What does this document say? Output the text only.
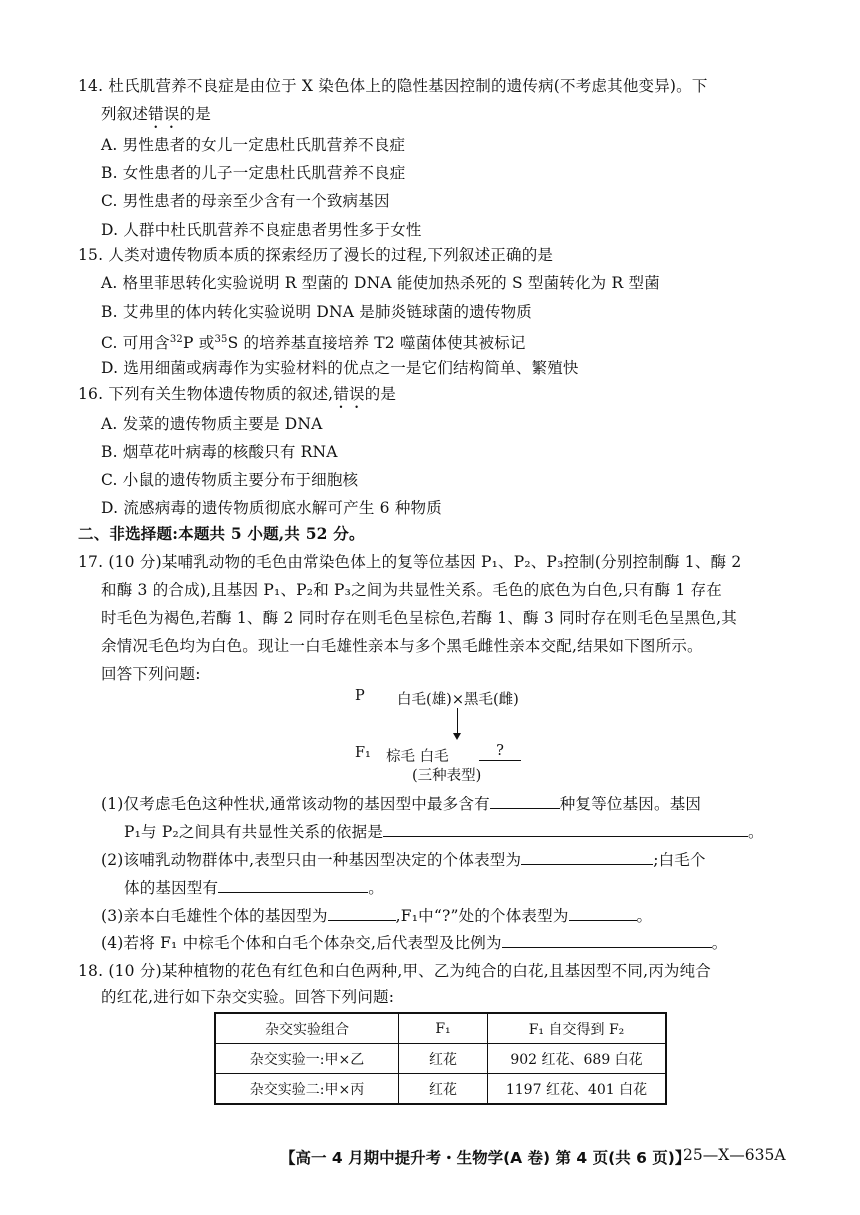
14. 杜氏肌营养不良症是由位于 X 染色体上的隐性基因控制的遗传病(不考虑其他变异)。下
列叙述错误的是
A. 男性患者的女儿一定患杜氏肌营养不良症
B. 女性患者的儿子一定患杜氏肌营养不良症
C. 男性患者的母亲至少含有一个致病基因
D. 人群中杜氏肌营养不良症患者男性多于女性
15. 人类对遗传物质本质的探索经历了漫长的过程,下列叙述正确的是
A. 格里菲思转化实验说明 R 型菌的 DNA 能使加热杀死的 S 型菌转化为 R 型菌
B. 艾弗里的体内转化实验说明 DNA 是肺炎链球菌的遗传物质
C. 可用含$^{32}$P 或$^{35}$S 的培养基直接培养 T2 噬菌体使其被标记
D. 选用细菌或病毒作为实验材料的优点之一是它们结构简单、繁殖快
16. 下列有关生物体遗传物质的叙述,错误的是
A. 发菜的遗传物质主要是 DNA
B. 烟草花叶病毒的核酸只有 RNA
C. 小鼠的遗传物质主要分布于细胞核
D. 流感病毒的遗传物质彻底水解可产生 6 种物质
二、非选择题:本题共 5 小题,共 52 分。
17. (10 分)某哺乳动物的毛色由常染色体上的复等位基因 P₁、P₂、P₃控制(分别控制酶 1、酶 2
和酶 3 的合成),且基因 P₁、P₂和 P₃之间为共显性关系。毛色的底色为白色,只有酶 1 存在
时毛色为褐色,若酶 1、酶 2 同时存在则毛色呈棕色,若酶 1、酶 3 同时存在则毛色呈黑色,其
余情况毛色均为白色。现让一白毛雄性亲本与多个黑毛雌性亲本交配,结果如下图所示。
回答下列问题:
P 白毛(雄)×黑毛(雌)
F₁ 棕毛 白毛	?
(三种表型)
(1)仅考虑毛色这种性状,通常该动物的基因型中最多含有	种复等位基因。基因
P₁与 P₂之间具有共显性关系的依据是	。
(2)该哺乳动物群体中,表型只由一种基因型决定的个体表型为	;白毛个
体的基因型有	。
(3)亲本白毛雄性个体的基因型为	,F₁中“?”处的个体表型为	。
(4)若将 F₁ 中棕毛个体和白毛个体杂交,后代表型及比例为	。
18. (10 分)某种植物的花色有红色和白色两种,甲、乙为纯合的白花,且基因型不同,丙为纯合
的红花,进行如下杂交实验。回答下列问题:
杂交实验组合	F₁	F₁ 自交得到 F₂
杂交实验一:甲×乙	红花	902 红花、689 白花
杂交实验二:甲×丙	红花	1197 红花、401 白花
【高一 4 月期中提升考・生物学(A 卷) 第 4 页(共 6 页)】
25—X—635A
